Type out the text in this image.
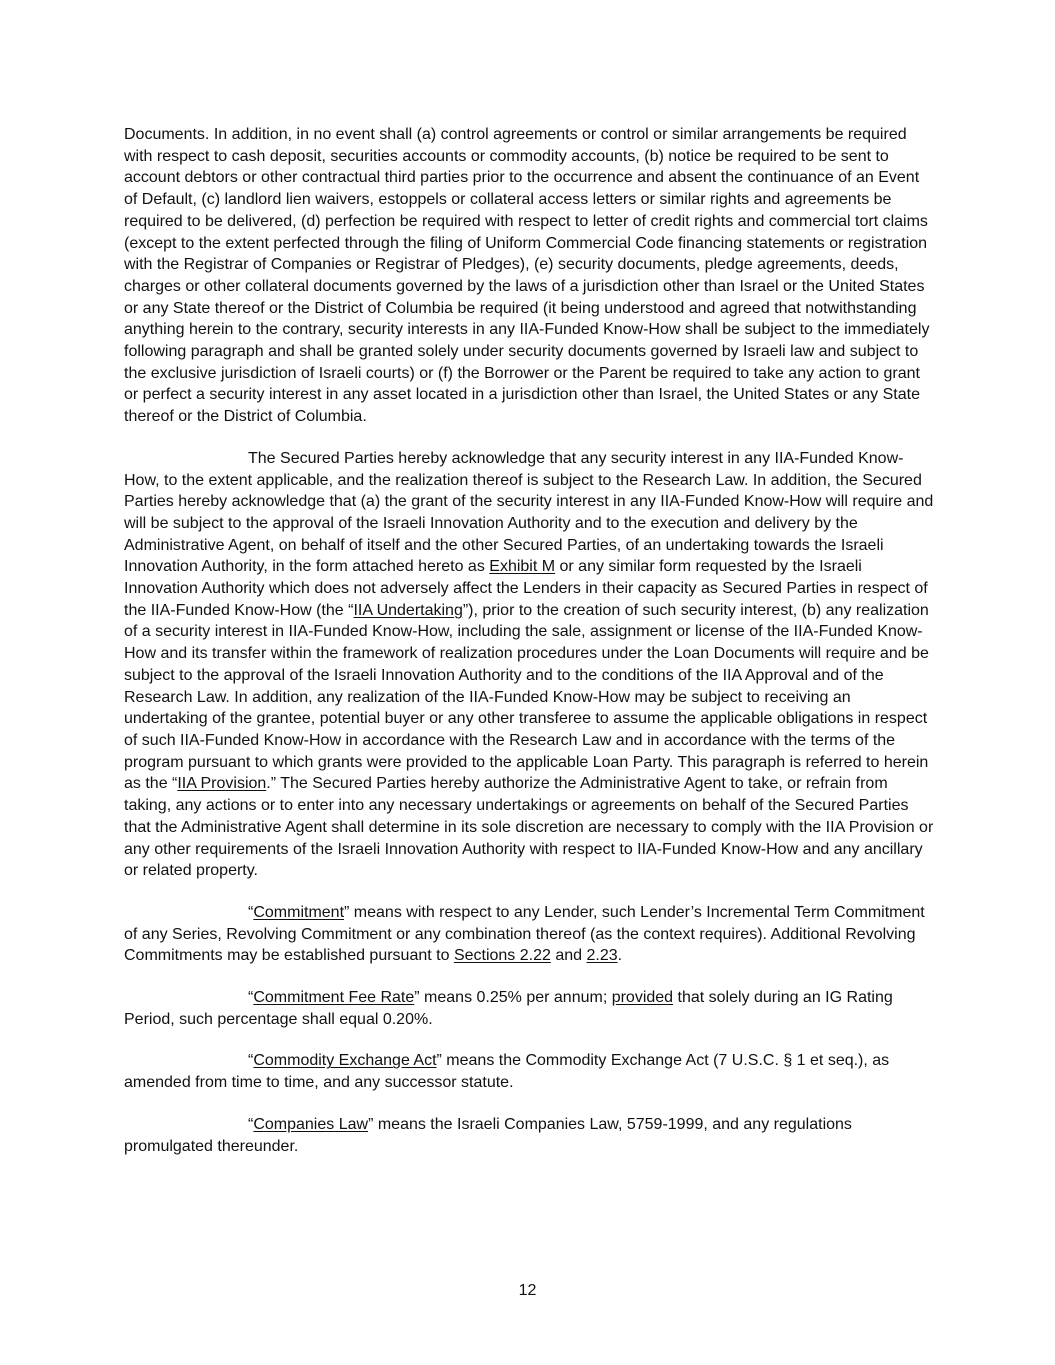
Documents. In addition, in no event shall (a) control agreements or control or similar arrangements be required with respect to cash deposit, securities accounts or commodity accounts, (b) notice be required to be sent to account debtors or other contractual third parties prior to the occurrence and absent the continuance of an Event of Default, (c) landlord lien waivers, estoppels or collateral access letters or similar rights and agreements be required to be delivered, (d) perfection be required with respect to letter of credit rights and commercial tort claims (except to the extent perfected through the filing of Uniform Commercial Code financing statements or registration with the Registrar of Companies or Registrar of Pledges), (e) security documents, pledge agreements, deeds, charges or other collateral documents governed by the laws of a jurisdiction other than Israel or the United States or any State thereof or the District of Columbia be required (it being understood and agreed that notwithstanding anything herein to the contrary, security interests in any IIA-Funded Know-How shall be subject to the immediately following paragraph and shall be granted solely under security documents governed by Israeli law and subject to the exclusive jurisdiction of Israeli courts) or (f) the Borrower or the Parent be required to take any action to grant or perfect a security interest in any asset located in a jurisdiction other than Israel, the United States or any State thereof or the District of Columbia.

The Secured Parties hereby acknowledge that any security interest in any IIA-Funded Know-How, to the extent applicable, and the realization thereof is subject to the Research Law. In addition, the Secured Parties hereby acknowledge that (a) the grant of the security interest in any IIA-Funded Know-How will require and will be subject to the approval of the Israeli Innovation Authority and to the execution and delivery by the Administrative Agent, on behalf of itself and the other Secured Parties, of an undertaking towards the Israeli Innovation Authority, in the form attached hereto as Exhibit M or any similar form requested by the Israeli Innovation Authority which does not adversely affect the Lenders in their capacity as Secured Parties in respect of the IIA-Funded Know-How (the “IIA Undertaking”), prior to the creation of such security interest, (b) any realization of a security interest in IIA-Funded Know-How, including the sale, assignment or license of the IIA-Funded Know-How and its transfer within the framework of realization procedures under the Loan Documents will require and be subject to the approval of the Israeli Innovation Authority and to the conditions of the IIA Approval and of the Research Law. In addition, any realization of the IIA-Funded Know-How may be subject to receiving an undertaking of the grantee, potential buyer or any other transferee to assume the applicable obligations in respect of such IIA-Funded Know-How in accordance with the Research Law and in accordance with the terms of the program pursuant to which grants were provided to the applicable Loan Party. This paragraph is referred to herein as the “IIA Provision.” The Secured Parties hereby authorize the Administrative Agent to take, or refrain from taking, any actions or to enter into any necessary undertakings or agreements on behalf of the Secured Parties that the Administrative Agent shall determine in its sole discretion are necessary to comply with the IIA Provision or any other requirements of the Israeli Innovation Authority with respect to IIA-Funded Know-How and any ancillary or related property.

“Commitment” means with respect to any Lender, such Lender’s Incremental Term Commitment of any Series, Revolving Commitment or any combination thereof (as the context requires). Additional Revolving Commitments may be established pursuant to Sections 2.22 and 2.23.

“Commitment Fee Rate” means 0.25% per annum; provided that solely during an IG Rating Period, such percentage shall equal 0.20%.

“Commodity Exchange Act” means the Commodity Exchange Act (7 U.S.C. § 1 et seq.), as amended from time to time, and any successor statute.

“Companies Law” means the Israeli Companies Law, 5759-1999, and any regulations promulgated thereunder.

12
